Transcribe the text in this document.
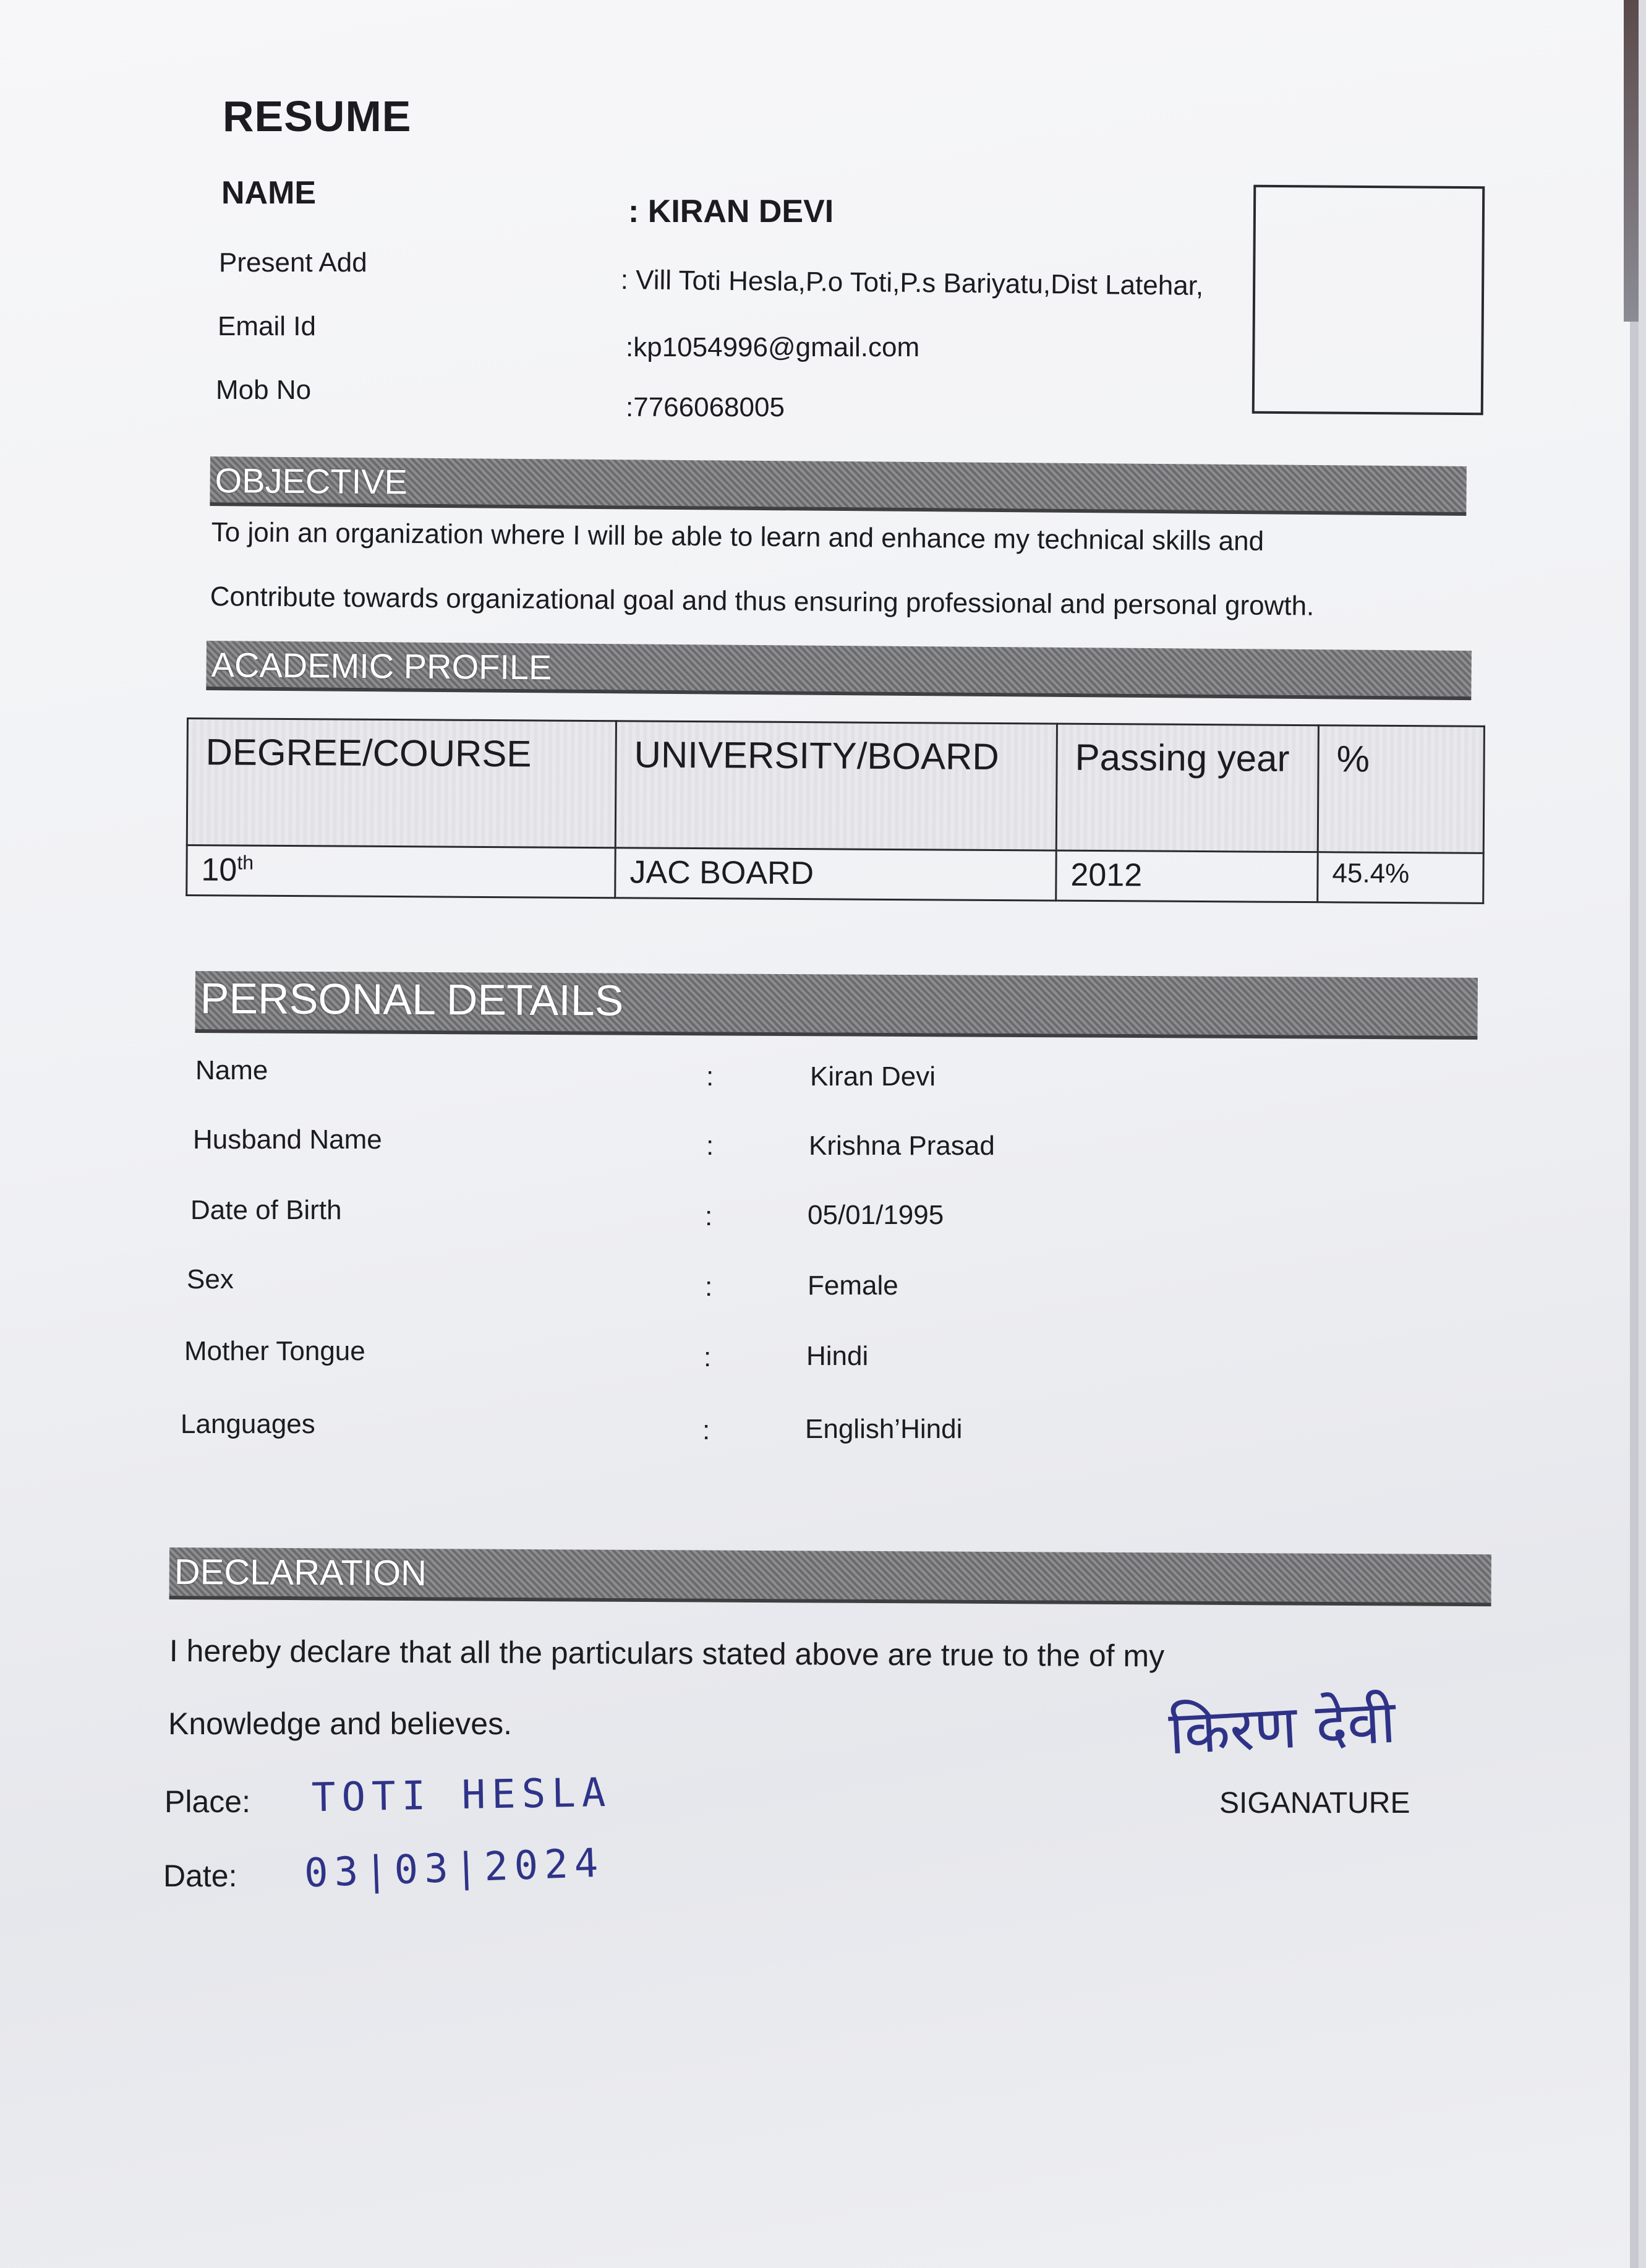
RESUME
NAME
: KIRAN DEVI
Present Add
: Vill Toti Hesla,P.o Toti,P.s Bariyatu,Dist Latehar,
Email Id
:kp1054996@gmail.com
Mob No
:7766068005
OBJECTIVE
To join an organization where I will be able to learn and enhance my technical skills and
Contribute towards organizational goal and thus ensuring professional and personal growth.
ACADEMIC PROFILE
DEGREE/COURSE	UNIVERSITY/BOARD	Passing year	%
10th	JAC BOARD	2012	45.4%
PERSONAL DETAILS
Name	:	Kiran Devi
Husband Name	:	Krishna Prasad
Date of Birth	:	05/01/1995
Sex	:	Female
Mother Tongue	:	Hindi
Languages	:	English’Hindi
DECLARATION
I hereby declare that all the particulars stated above are true to the of my
Knowledge and believes.
Place: TOTI HESLA
Date: 03|03|2024
किरण देवी
SIGANATURE
